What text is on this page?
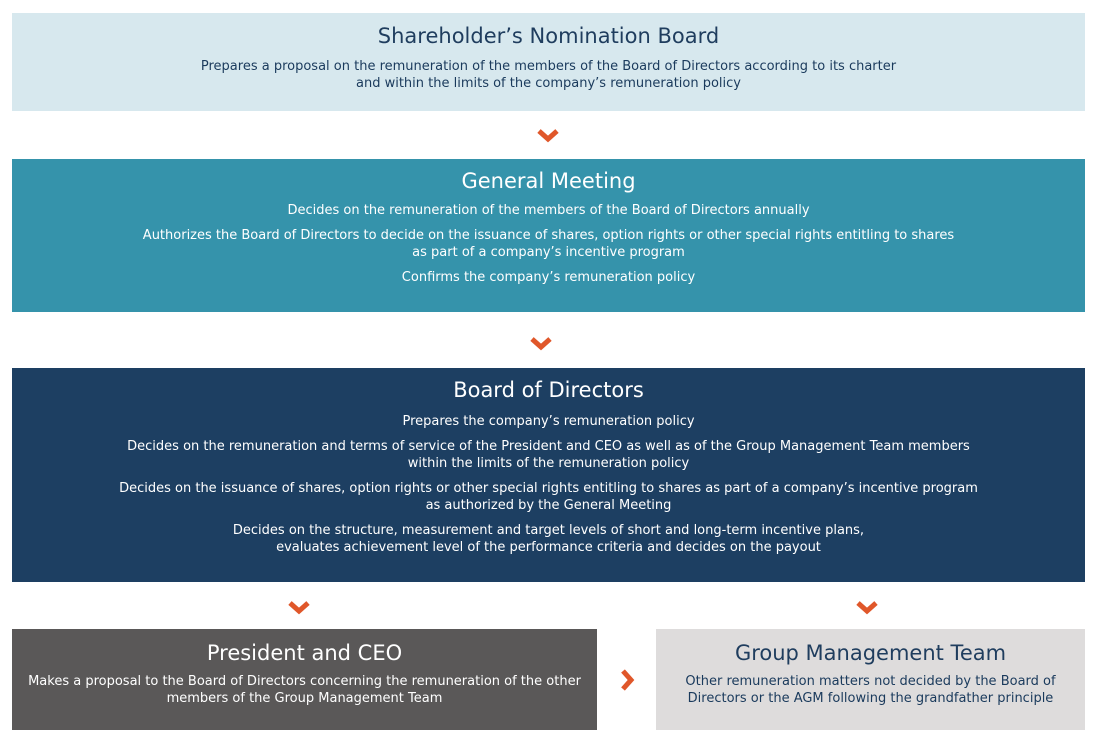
Shareholder’s Nomination Board
Prepares a proposal on the remuneration of the members of the Board of Directors according to its charter
and within the limits of the company’s remuneration policy
General Meeting
Decides on the remuneration of the members of the Board of Directors annually
Authorizes the Board of Directors to decide on the issuance of shares, option rights or other special rights entitling to shares
as part of a company’s incentive program
Confirms the company’s remuneration policy
Board of Directors
Prepares the company’s remuneration policy
Decides on the remuneration and terms of service of the President and CEO as well as of the Group Management Team members
within the limits of the remuneration policy
Decides on the issuance of shares, option rights or other special rights entitling to shares as part of a company’s incentive program
as authorized by the General Meeting
Decides on the structure, measurement and target levels of short and long-term incentive plans,
evaluates achievement level of the performance criteria and decides on the payout
President and CEO
Makes a proposal to the Board of Directors concerning the remuneration of the other
members of the Group Management Team
Group Management Team
Other remuneration matters not decided by the Board of
Directors or the AGM following the grandfather principle
